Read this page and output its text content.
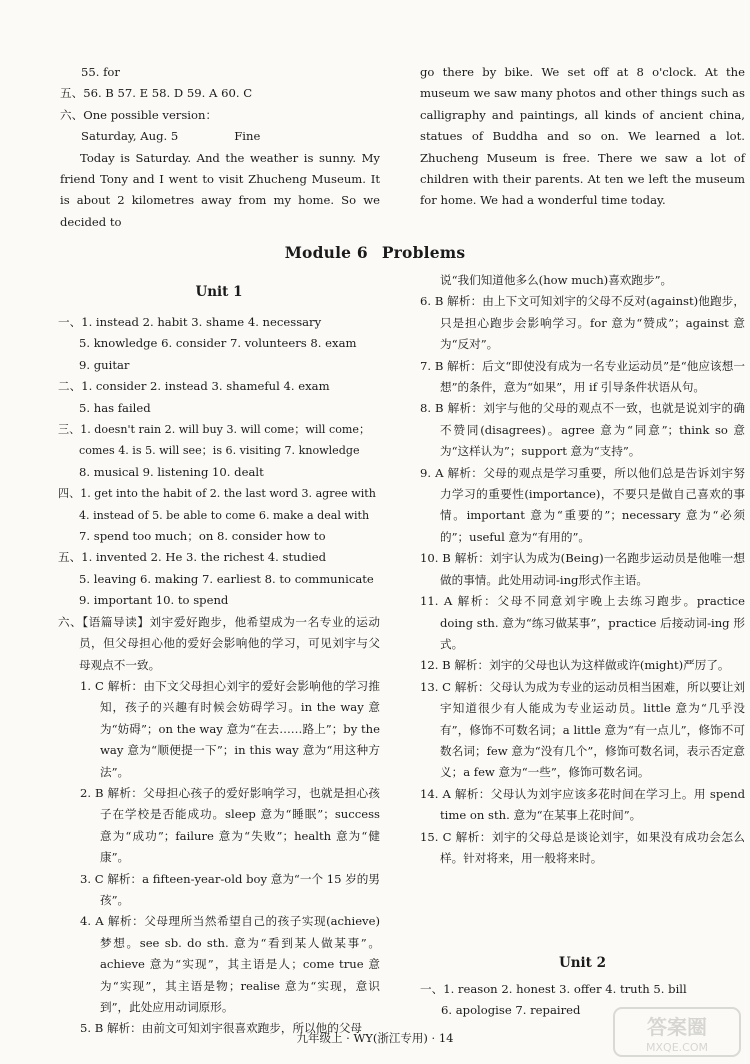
55. for
五、56. B 57. E 58. D 59. A 60. C
六、One possible version：
Saturday, Aug. 5	Fine
Today is Saturday. And the weather is sunny. My friend Tony and I went to visit Zhucheng Museum. It is about 2 kilometres away from my home. So we decided to
go there by bike. We set off at 8 o'clock. At the museum we saw many photos and other things such as calligraphy and paintings, all kinds of ancient china, statues of Buddha and so on. We learned a lot. Zhucheng Museum is free. There we saw a lot of children with their parents. At ten we left the museum for home. We had a wonderful time today.
Module 6 Problems
Unit 1
一、1. instead 2. habit 3. shame 4. necessary
5. knowledge 6. consider 7. volunteers 8. exam
9. guitar
二、1. consider 2. instead 3. shameful 4. exam
5. has failed
三、1. doesn't rain 2. will buy 3. will come；will come；
comes 4. is 5. will see；is 6. visiting 7. knowledge
8. musical 9. listening 10. dealt
四、1. get into the habit of 2. the last word 3. agree with
4. instead of 5. be able to come 6. make a deal with
7. spend too much；on 8. consider how to
五、1. invented 2. He 3. the richest 4. studied
5. leaving 6. making 7. earliest 8. to communicate
9. important 10. to spend
六、【语篇导读】刘宇爱好跑步，他希望成为一名专业的运动员，但父母担心他的爱好会影响他的学习，可见刘宇与父母观点不一致。
1. C 解析：由下文父母担心刘宇的爱好会影响他的学习推知，孩子的兴趣有时候会妨碍学习。in the way 意为“妨碍”；on the way 意为“在去……路上”；by the way 意为“顺便提一下”；in this way 意为“用这种方法”。
2. B 解析：父母担心孩子的爱好影响学习，也就是担心孩子在学校是否能成功。sleep 意为“睡眠”；success 意为“成功”；failure 意为“失败”；health 意为“健康”。
3. C 解析：a fifteen-year-old boy 意为“一个 15 岁的男孩”。
4. A 解析：父母理所当然希望自己的孩子实现(achieve)梦想。see sb. do sth. 意为“看到某人做某事”。achieve 意为“实现”，其主语是人；come true 意为“实现”，其主语是物；realise 意为“实现，意识到”，此处应用动词原形。
5. B 解析：由前文可知刘宇很喜欢跑步，所以他的父母
说“我们知道他多么(how much)喜欢跑步”。
6. B 解析：由上下文可知刘宇的父母不反对(against)他跑步，只是担心跑步会影响学习。for 意为“赞成”；against 意为“反对”。
7. B 解析：后文“即使没有成为一名专业运动员”是“他应该想一想”的条件，意为“如果”，用 if 引导条件状语从句。
8. B 解析：刘宇与他的父母的观点不一致，也就是说刘宇的确不赞同(disagrees)。agree 意为“同意”；think so 意为“这样认为”；support 意为“支持”。
9. A 解析：父母的观点是学习重要，所以他们总是告诉刘宇努力学习的重要性(importance)，不要只是做自己喜欢的事情。important 意为“重要的”；necessary 意为“必须的”；useful 意为“有用的”。
10. B 解析：刘宇认为成为(Being)一名跑步运动员是他唯一想做的事情。此处用动词-ing形式作主语。
11. A 解析：父母不同意刘宇晚上去练习跑步。practice doing sth. 意为“练习做某事”，practice 后接动词-ing 形式。
12. B 解析：刘宇的父母也认为这样做或许(might)严厉了。
13. C 解析：父母认为成为专业的运动员相当困难，所以要让刘宇知道很少有人能成为专业运动员。little 意为“几乎没有”，修饰不可数名词；a little 意为“有一点儿”，修饰不可数名词；few 意为“没有几个”，修饰可数名词，表示否定意义；a few 意为“一些”，修饰可数名词。
14. A 解析：父母认为刘宇应该多花时间在学习上。用 spend time on sth. 意为“在某事上花时间”。
15. C 解析：刘宇的父母总是谈论刘宇，如果没有成功会怎么样。针对将来，用一般将来时。
Unit 2
一、1. reason 2. honest 3. offer 4. truth 5. bill
6. apologise 7. repaired
九年级上 · WY(浙江专用) · 14	答案圈
MXQE.COM
